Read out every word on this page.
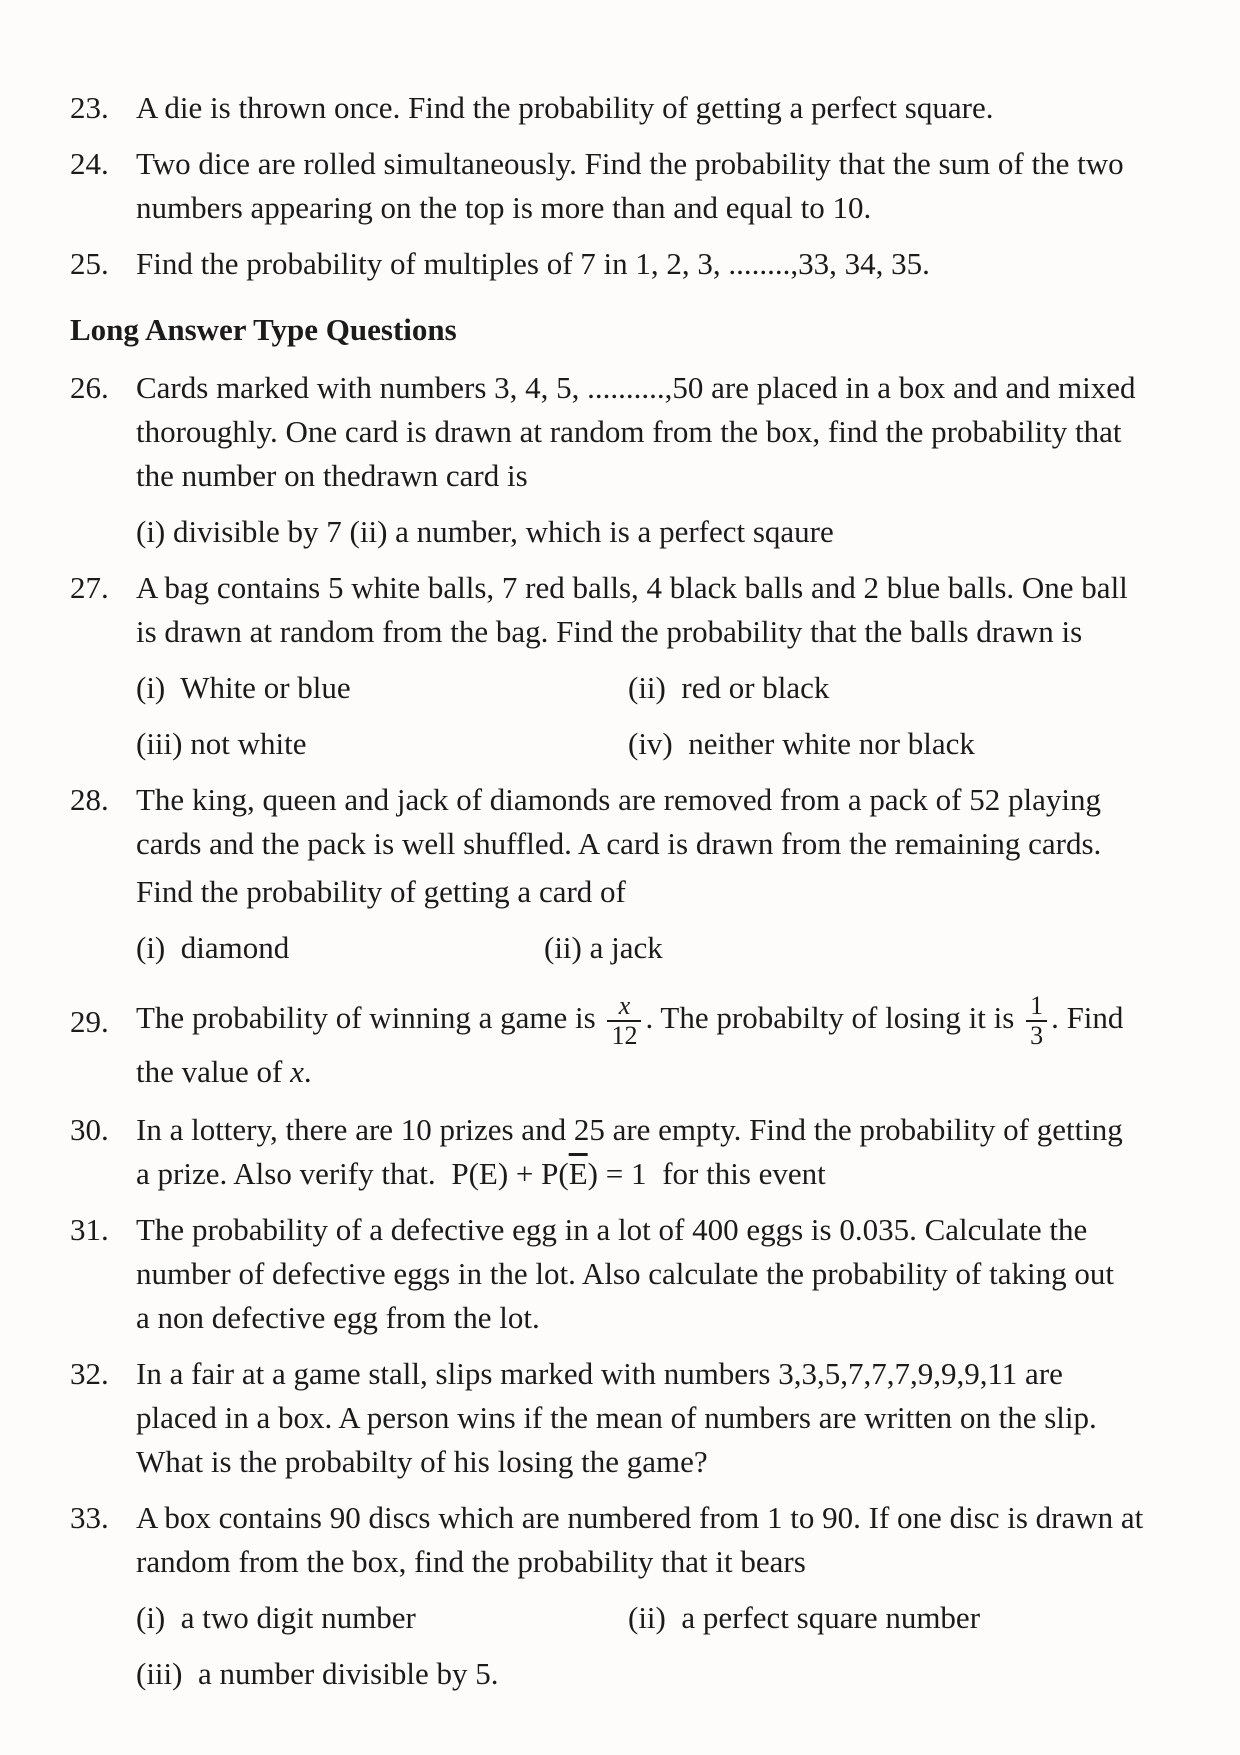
23. A die is thrown once. Find the probability of getting a perfect square.
24. Two dice are rolled simultaneously. Find the probability that the sum of the two
numbers appearing on the top is more than and equal to 10.
25. Find the probability of multiples of 7 in 1, 2, 3, ........,33, 34, 35.
Long Answer Type Questions
26. Cards marked with numbers 3, 4, 5, ..........,50 are placed in a box and and mixed
thoroughly. One card is drawn at random from the box, find the probability that
the number on thedrawn card is
(i) divisible by 7 (ii) a number, which is a perfect sqaure
27. A bag contains 5 white balls, 7 red balls, 4 black balls and 2 blue balls. One ball
is drawn at random from the bag. Find the probability that the balls drawn is
(i)  White or blue	(ii)  red or black
(iii) not white	(iv)  neither white nor black
28. The king, queen and jack of diamonds are removed from a pack of 52 playing
cards and the pack is well shuffled. A card is drawn from the remaining cards.
Find the probability of getting a card of
(i)  diamond	(ii) a jack
29. The probability of winning a game is $\frac{x}{12}$ . The probabilty of losing it is $\frac{1}{3}$ . Find
the value of x.
30. In a lottery, there are 10 prizes and 25 are empty. Find the probability of getting
a prize. Also verify that. $P(E) + P(\overline{E}) = 1$ for this event
31. The probability of a defective egg in a lot of 400 eggs is 0.035. Calculate the
number of defective eggs in the lot. Also calculate the probability of taking out
a non defective egg from the lot.
32. In a fair at a game stall, slips marked with numbers 3,3,5,7,7,7,9,9,9,11 are
placed in a box. A person wins if the mean of numbers are written on the slip.
What is the probabilty of his losing the game?
33. A box contains 90 discs which are numbered from 1 to 90. If one disc is drawn at
random from the box, find the probability that it bears
(i)  a two digit number	(ii)  a perfect square number
(iii)  a number divisible by 5.
